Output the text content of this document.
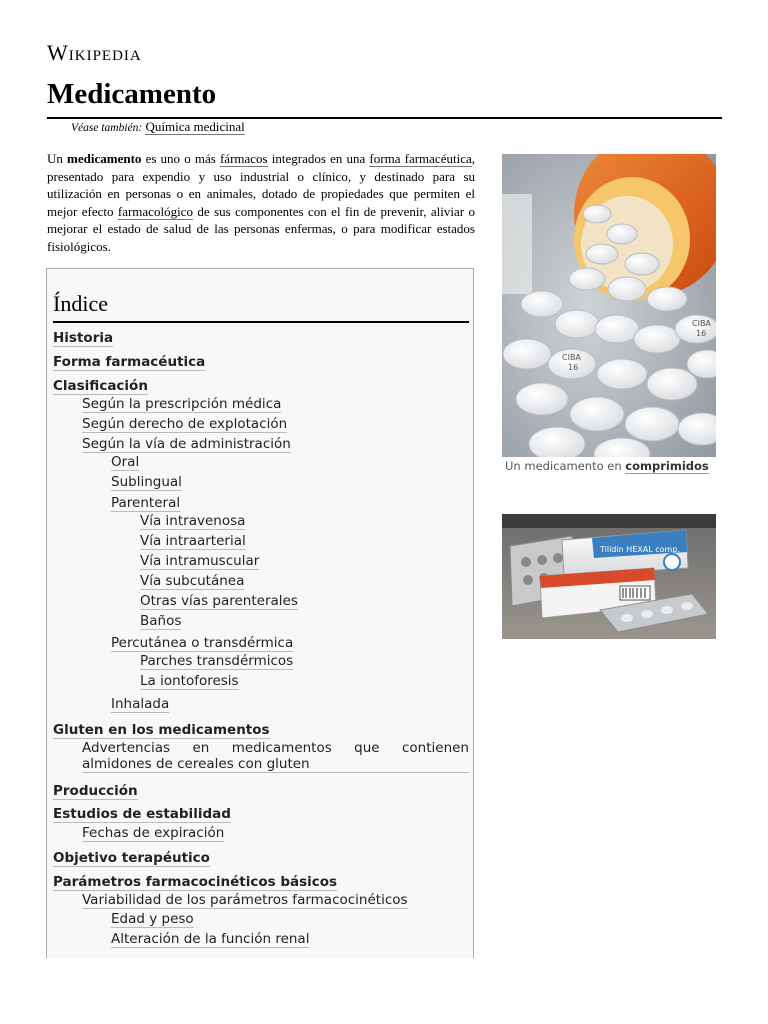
Wikipedia
Medicamento
Véase también: Química medicinal

Un medicamento es uno o más fármacos integrados en una forma farmacéutica, presentado para expendio y uso industrial o clínico, y destinado para su utilización en personas o en animales, dotado de propiedades que permiten el mejor efecto farmacológico de sus componentes con el fin de prevenir, aliviar o mejorar el estado de salud de las personas enfermas, o para modificar estados fisiológicos.

Índice
Historia
Forma farmacéutica
Clasificación
Según la prescripción médica
Según derecho de explotación
Según la vía de administración
Oral
Sublingual
Parenteral
Vía intravenosa
Vía intraarterial
Vía intramuscular
Vía subcutánea
Otras vías parenterales
Baños
Percutánea o transdérmica
Parches transdérmicos
La iontoforesis
Inhalada
Gluten en los medicamentos
Advertencias en medicamentos que contienen
almidones de cereales con gluten
Producción
Estudios de estabilidad
Fechas de expiración
Objetivo terapéutico
Parámetros farmacocinéticos básicos
Variabilidad de los parámetros farmacocinéticos
Edad y peso
Alteración de la función renal
CIBA
16
CIBA
16
Un medicamento en comprimidos
Tilidin HEXAL comp.
